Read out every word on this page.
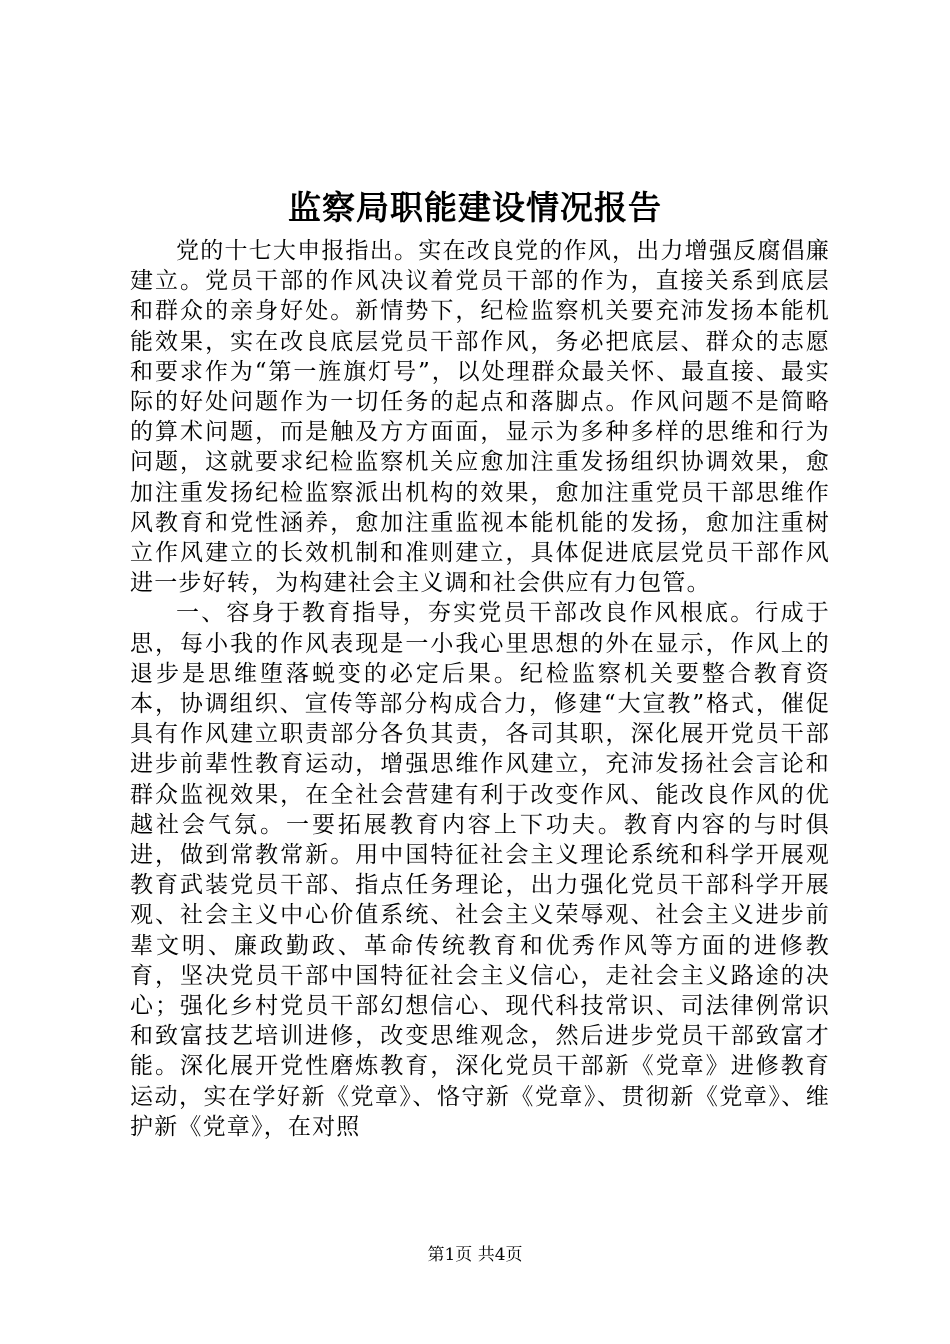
监察局职能建设情况报告

党的十七大申报指出。实在改良党的作风，出力增强反腐倡廉建立。党员干部的作风决议着党员干部的作为，直接关系到底层和群众的亲身好处。新情势下，纪检监察机关要充沛发扬本能机能效果，实在改良底层党员干部作风，务必把底层、群众的志愿和要求作为“第一旌旗灯号”，以处理群众最关怀、最直接、最实际的好处问题作为一切任务的起点和落脚点。作风问题不是简略的算术问题，而是触及方方面面，显示为多种多样的思维和行为问题，这就要求纪检监察机关应愈加注重发扬组织协调效果，愈加注重发扬纪检监察派出机构的效果，愈加注重党员干部思维作风教育和党性涵养，愈加注重监视本能机能的发扬，愈加注重树立作风建立的长效机制和准则建立，具体促进底层党员干部作风进一步好转，为构建社会主义调和社会供应有力包管。

一、容身于教育指导，夯实党员干部改良作风根底。行成于思，每小我的作风表现是一小我心里思想的外在显示，作风上的退步是思维堕落蜕变的必定后果。纪检监察机关要整合教育资本，协调组织、宣传等部分构成合力，修建“大宣教”格式，催促具有作风建立职责部分各负其责，各司其职，深化展开党员干部进步前辈性教育运动，增强思维作风建立，充沛发扬社会言论和群众监视效果，在全社会营建有利于改变作风、能改良作风的优越社会气氛。一要拓展教育内容上下功夫。教育内容的与时俱进，做到常教常新。用中国特征社会主义理论系统和科学开展观教育武装党员干部、指点任务理论，出力强化党员干部科学开展观、社会主义中心价值系统、社会主义荣辱观、社会主义进步前辈文明、廉政勤政、革命传统教育和优秀作风等方面的进修教育，坚决党员干部中国特征社会主义信心，走社会主义路途的决心；强化乡村党员干部幻想信心、现代科技常识、司法律例常识和致富技艺培训进修，改变思维观念，然后进步党员干部致富才能。深化展开党性磨炼教育，深化党员干部新《党章》进修教育运动，实在学好新《党章》、恪守新《党章》、贯彻新《党章》、维护新《党章》，在对照

第1页 共4页
